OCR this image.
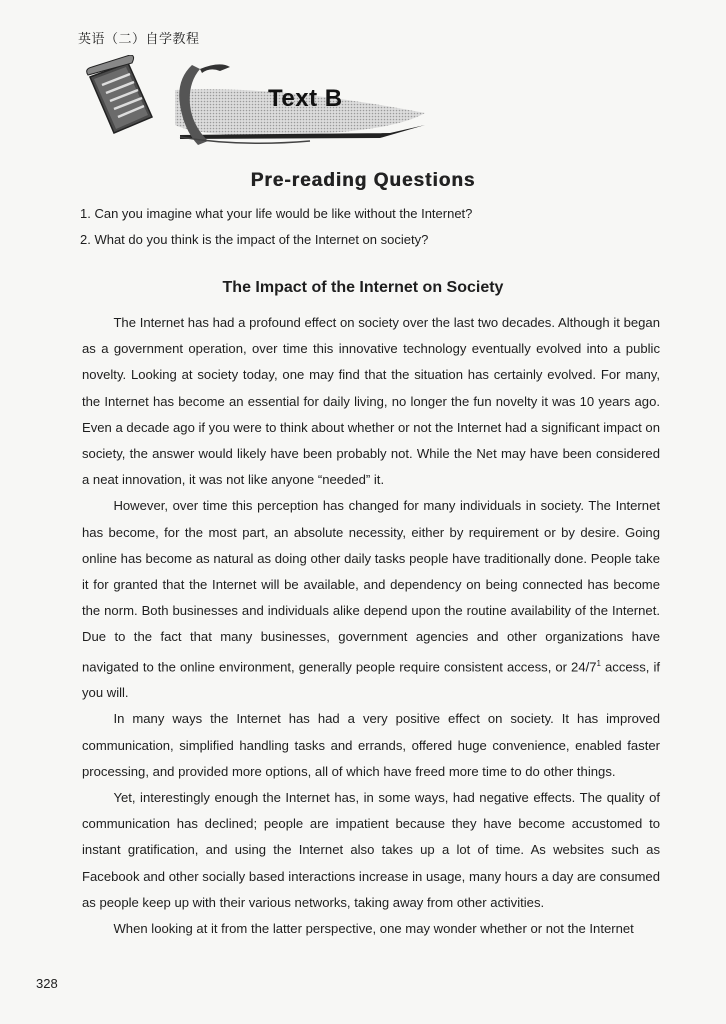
英语（二）自学教程
Text B
Pre-reading Questions
1. Can you imagine what your life would be like without the Internet?
2. What do you think is the impact of the Internet on society?
The Impact of the Internet on Society

The Internet has had a profound effect on society over the last two decades. Although it began as a government operation, over time this innovative technology eventually evolved into a public novelty. Looking at society today, one may find that the situation has certainly evolved. For many, the Internet has become an essential for daily living, no longer the fun novelty it was 10 years ago. Even a decade ago if you were to think about whether or not the Internet had a significant impact on society, the answer would likely have been probably not. While the Net may have been considered a neat innovation, it was not like anyone “needed” it.

However, over time this perception has changed for many individuals in society. The Internet has become, for the most part, an absolute necessity, either by requirement or by desire. Going online has become as natural as doing other daily tasks people have traditionally done. People take it for granted that the Internet will be available, and dependency on being connected has become the norm. Both businesses and individuals alike depend upon the routine availability of the Internet. Due to the fact that many businesses, government agencies and other organizations have navigated to the online environment, generally people require consistent access, or $24/7^1$ access, if you will.

In many ways the Internet has had a very positive effect on society. It has improved communication, simplified handling tasks and errands, offered huge convenience, enabled faster processing, and provided more options, all of which have freed more time to do other things.

Yet, interestingly enough the Internet has, in some ways, had negative effects. The quality of communication has declined; people are impatient because they have become accustomed to instant gratification, and using the Internet also takes up a lot of time. As websites such as Facebook and other socially based interactions increase in usage, many hours a day are consumed as people keep up with their various networks, taking away from other activities.

When looking at it from the latter perspective, one may wonder whether or not the Internet

328
